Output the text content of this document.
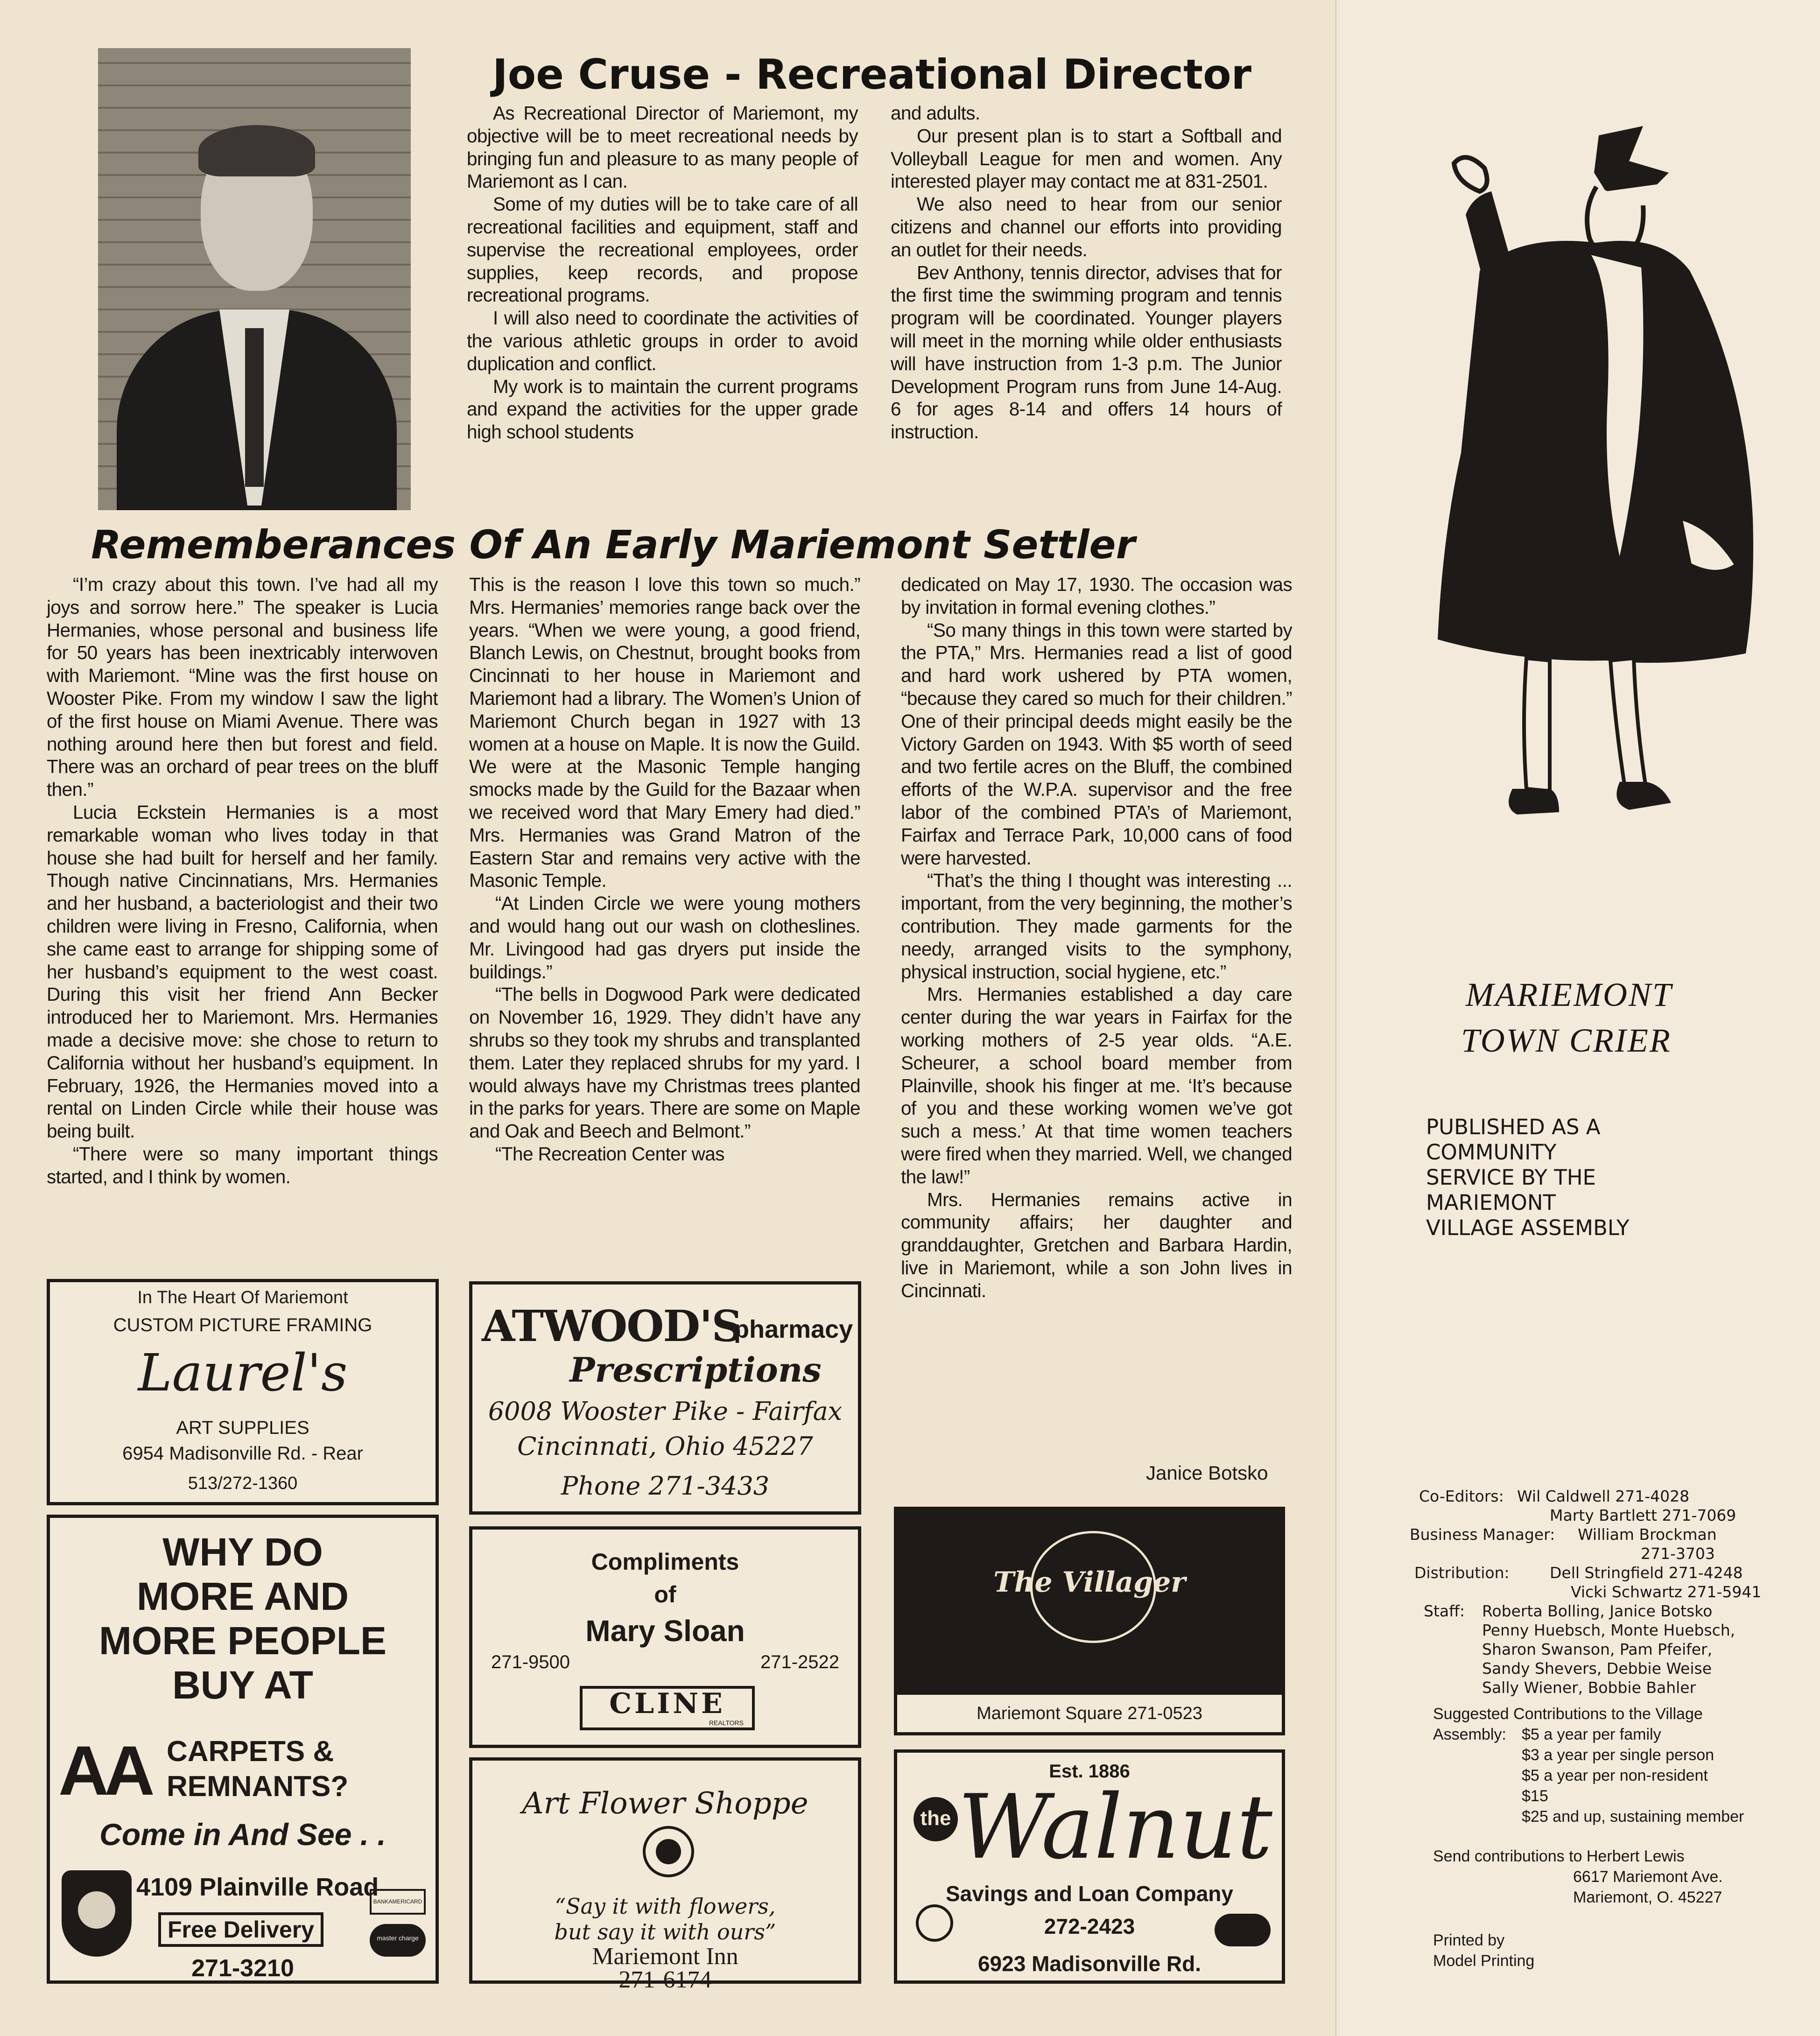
Joe Cruse - Recreational Director

As Recreational Director of Mariemont, my objective will be to meet recreational needs by bringing fun and pleasure to as many people of Mariemont as I can.

Some of my duties will be to take care of all recreational facilities and equipment, staff and supervise the recreational employees, order supplies, keep records, and propose recreational programs.

I will also need to coordinate the activities of the various athletic groups in order to avoid duplication and conflict.

My work is to maintain the current programs and expand the activities for the upper grade high school students

and adults.

Our present plan is to start a Softball and Volleyball League for men and women. Any interested player may contact me at 831-2501.

We also need to hear from our senior citizens and channel our efforts into providing an outlet for their needs.

Bev Anthony, tennis director, advises that for the first time the swimming program and tennis program will be coordinated. Younger players will meet in the morning while older enthusiasts will have instruction from 1-3 p.m. The Junior Development Program runs from June 14-Aug. 6 for ages 8-14 and offers 14 hours of instruction.

Rememberances Of An Early Mariemont Settler

“I’m crazy about this town. I’ve had all my joys and sorrow here.” The speaker is Lucia Hermanies, whose personal and business life for 50 years has been inextricably interwoven with Mariemont. “Mine was the first house on Wooster Pike. From my window I saw the light of the first house on Miami Avenue. There was nothing around here then but forest and field. There was an orchard of pear trees on the bluff then.”

Lucia Eckstein Hermanies is a most remarkable woman who lives today in that house she had built for herself and her family. Though native Cincinnatians, Mrs. Hermanies and her husband, a bacteriologist and their two children were living in Fresno, California, when she came east to arrange for shipping some of her husband’s equipment to the west coast. During this visit her friend Ann Becker introduced her to Mariemont. Mrs. Hermanies made a decisive move: she chose to return to California without her husband’s equipment. In February, 1926, the Hermanies moved into a rental on Linden Circle while their house was being built.

“There were so many important things started, and I think by women.

This is the reason I love this town so much.” Mrs. Hermanies’ memories range back over the years. “When we were young, a good friend, Blanch Lewis, on Chestnut, brought books from Cincinnati to her house in Mariemont and Mariemont had a library. The Women’s Union of Mariemont Church began in 1927 with 13 women at a house on Maple. It is now the Guild. We were at the Masonic Temple hanging smocks made by the Guild for the Bazaar when we received word that Mary Emery had died.” Mrs. Hermanies was Grand Matron of the Eastern Star and remains very active with the Masonic Temple.

“At Linden Circle we were young mothers and would hang out our wash on clotheslines. Mr. Livingood had gas dryers put inside the buildings.”

“The bells in Dogwood Park were dedicated on November 16, 1929. They didn’t have any shrubs so they took my shrubs and transplanted them. Later they replaced shrubs for my yard. I would always have my Christmas trees planted in the parks for years. There are some on Maple and Oak and Beech and Belmont.”

“The Recreation Center was

dedicated on May 17, 1930. The occasion was by invitation in formal evening clothes.”

“So many things in this town were started by the PTA,” Mrs. Hermanies read a list of good and hard work ushered by PTA women, “because they cared so much for their children.” One of their principal deeds might easily be the Victory Garden on 1943. With $5 worth of seed and two fertile acres on the Bluff, the combined efforts of the W.P.A. supervisor and the free labor of the combined PTA’s of Mariemont, Fairfax and Terrace Park, 10,000 cans of food were harvested.

“That’s the thing I thought was interesting ... important, from the very beginning, the mother’s contribution. They made garments for the needy, arranged visits to the symphony, physical instruction, social hygiene, etc.”

Mrs. Hermanies established a day care center during the war years in Fairfax for the working mothers of 2-5 year olds. “A.E. Scheurer, a school board member from Plainville, shook his finger at me. ‘It’s because of you and these working women we’ve got such a mess.’ At that time women teachers were fired when they married. Well, we changed the law!”

Mrs. Hermanies remains active in community affairs; her daughter and granddaughter, Gretchen and Barbara Hardin, live in Mariemont, while a son John lives in Cincinnati.

Janice Botsko
In The Heart Of Mariemont
CUSTOM PICTURE FRAMING
Laurel's
ART SUPPLIES
6954 Madisonville Rd. - Rear
513/272-1360
WHY DO
MORE AND
MORE PEOPLE
BUY AT
AA CARPETS &
REMNANTS?
Come in And See . .
4109 Plainville Road
Free Delivery
271-3210
BANKAMERICARD
master charge
ATWOOD'S
pharmacy
Prescriptions
6008 Wooster Pike - Fairfax
Cincinnati, Ohio 45227
Phone 271-3433
Compliments
of
Mary Sloan
271-9500	271-2522
CLINE
REALTORS
Art Flower Shoppe
“Say it with flowers,
but say it with ours”
Mariemont Inn
271-6174
The Villager
Mariemont Square 271-0523
Est. 1886
the Walnut
Savings and Loan Company
272-2423
6923 Madisonville Rd.
MARIEMONT
TOWN CRIER
PUBLISHED AS A
COMMUNITY
SERVICE BY THE
MARIEMONT
VILLAGE ASSEMBLY
Co-Editors: Wil Caldwell 271-4028
Marty Bartlett 271-7069
Business Manager: William Brockman
271-3703
Distribution:	Dell Stringfield 271-4248
Vicki Schwartz 271-5941
Staff: Roberta Bolling, Janice Botsko
Penny Huebsch, Monte Huebsch,
Sharon Swanson, Pam Pfeifer,
Sandy Shevers, Debbie Weise
Sally Wiener, Bobbie Bahler
Suggested Contributions to the Village
Assembly: $5 a year per family
$3 a year per single person
$5 a year per non-resident
$15
$25 and up, sustaining member
Send contributions to Herbert Lewis
6617 Mariemont Ave.
Mariemont, O. 45227
Printed by
Model Printing
